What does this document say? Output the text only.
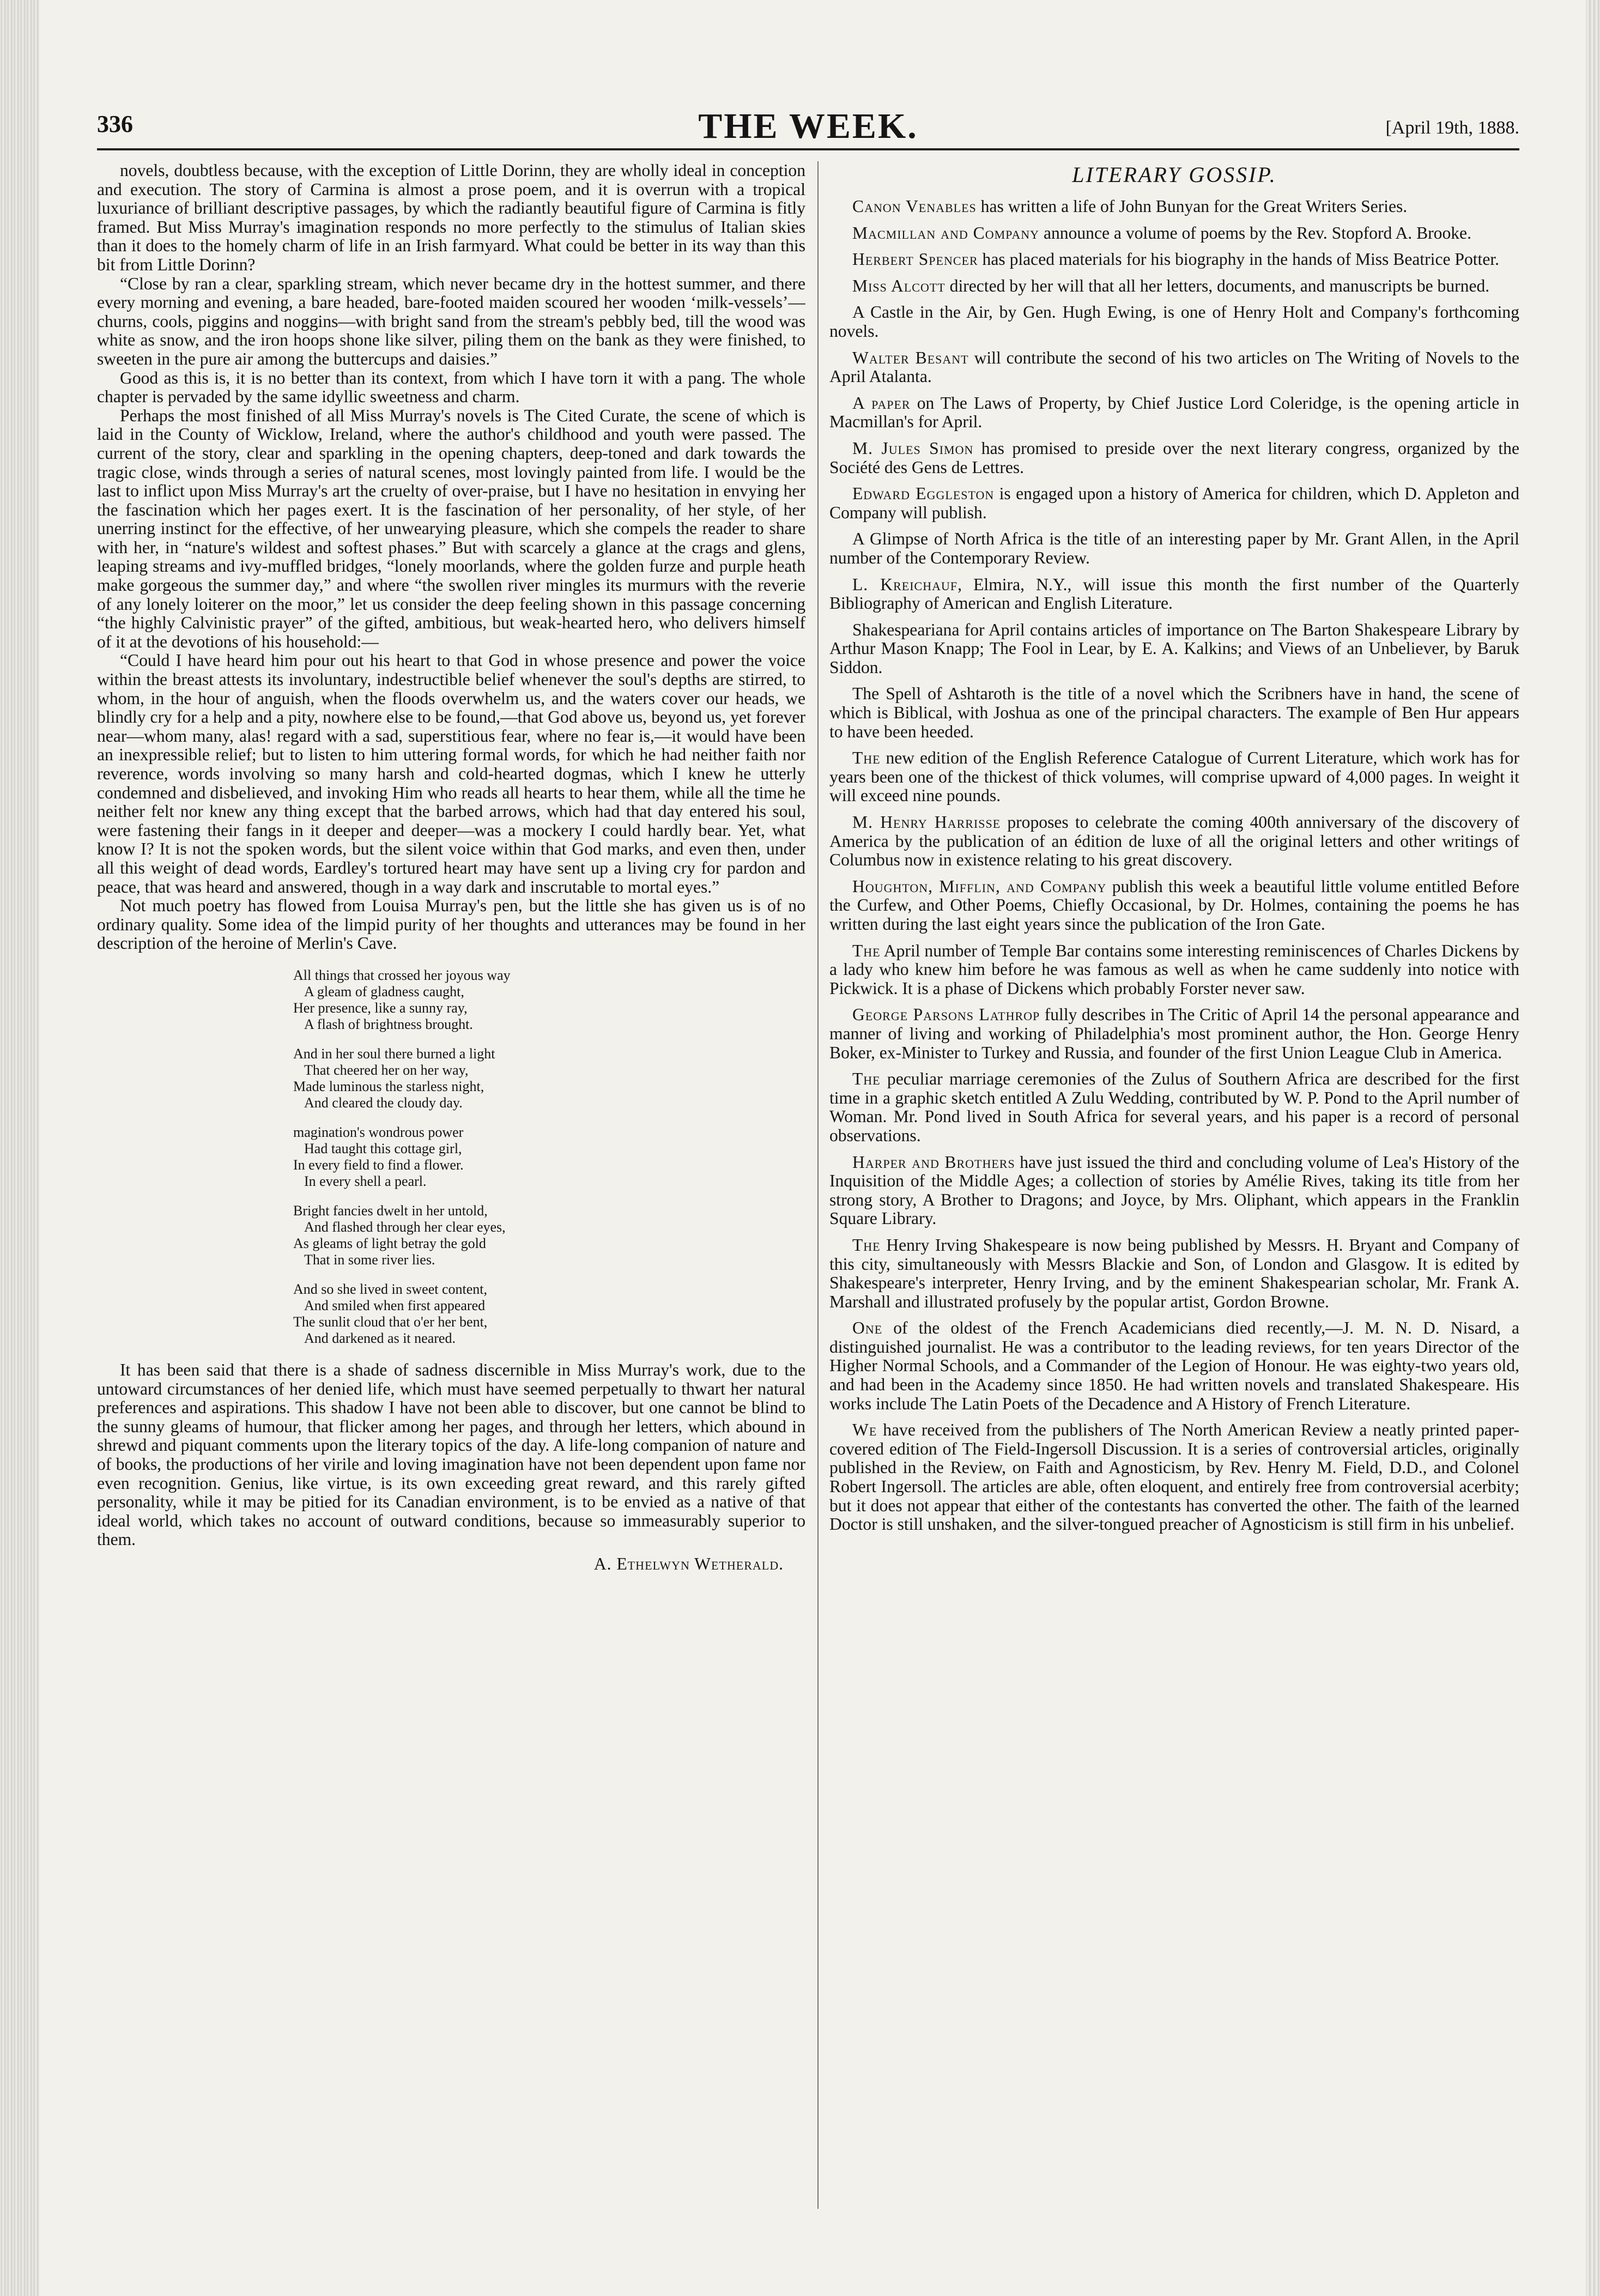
336	THE WEEK.	[April 19th, 1888.

novels, doubtless because, with the exception of Little Dorinn, they are wholly ideal in conception and execution. The story of Carmina is almost a prose poem, and it is overrun with a tropical luxuriance of brilliant descriptive passages, by which the radiantly beautiful figure of Carmina is fitly framed. But Miss Murray's imagination responds no more perfectly to the stimulus of Italian skies than it does to the homely charm of life in an Irish farmyard. What could be better in its way than this bit from Little Dorinn?

“Close by ran a clear, sparkling stream, which never became dry in the hottest summer, and there every morning and evening, a bare headed, bare-footed maiden scoured her wooden ‘milk-vessels’—churns, cools, piggins and noggins—with bright sand from the stream's pebbly bed, till the wood was white as snow, and the iron hoops shone like silver, piling them on the bank as they were finished, to sweeten in the pure air among the buttercups and daisies.”

Good as this is, it is no better than its context, from which I have torn it with a pang. The whole chapter is pervaded by the same idyllic sweetness and charm.

Perhaps the most finished of all Miss Murray's novels is The Cited Curate, the scene of which is laid in the County of Wicklow, Ireland, where the author's childhood and youth were passed. The current of the story, clear and sparkling in the opening chapters, deep-toned and dark towards the tragic close, winds through a series of natural scenes, most lovingly painted from life. I would be the last to inflict upon Miss Murray's art the cruelty of over-praise, but I have no hesitation in envying her the fascination which her pages exert. It is the fascination of her personality, of her style, of her unerring instinct for the effective, of her unwearying pleasure, which she compels the reader to share with her, in “nature's wildest and softest phases.” But with scarcely a glance at the crags and glens, leaping streams and ivy-muffled bridges, “lonely moorlands, where the golden furze and purple heath make gorgeous the summer day,” and where “the swollen river mingles its murmurs with the reverie of any lonely loiterer on the moor,” let us consider the deep feeling shown in this passage concerning “the highly Calvinistic prayer” of the gifted, ambitious, but weak-hearted hero, who delivers himself of it at the devotions of his household:—

“Could I have heard him pour out his heart to that God in whose presence and power the voice within the breast attests its involuntary, indestructible belief whenever the soul's depths are stirred, to whom, in the hour of anguish, when the floods overwhelm us, and the waters cover our heads, we blindly cry for a help and a pity, nowhere else to be found,—that God above us, beyond us, yet forever near—whom many, alas! regard with a sad, superstitious fear, where no fear is,—it would have been an inexpressible relief; but to listen to him uttering formal words, for which he had neither faith nor reverence, words involving so many harsh and cold-hearted dogmas, which I knew he utterly condemned and disbelieved, and invoking Him who reads all hearts to hear them, while all the time he neither felt nor knew any thing except that the barbed arrows, which had that day entered his soul, were fastening their fangs in it deeper and deeper—was a mockery I could hardly bear. Yet, what know I? It is not the spoken words, but the silent voice within that God marks, and even then, under all this weight of dead words, Eardley's tortured heart may have sent up a living cry for pardon and peace, that was heard and answered, though in a way dark and inscrutable to mortal eyes.”

Not much poetry has flowed from Louisa Murray's pen, but the little she has given us is of no ordinary quality. Some idea of the limpid purity of her thoughts and utterances may be found in her description of the heroine of Merlin's Cave.

All things that crossed her joyous way
A gleam of gladness caught,
Her presence, like a sunny ray,
A flash of brightness brought.
And in her soul there burned a light
That cheered her on her way,
Made luminous the starless night,
And cleared the cloudy day.
magination's wondrous power
Had taught this cottage girl,
In every field to find a flower.
In every shell a pearl.
Bright fancies dwelt in her untold,
And flashed through her clear eyes,
As gleams of light betray the gold
That in some river lies.
And so she lived in sweet content,
And smiled when first appeared
The sunlit cloud that o'er her bent,
And darkened as it neared.

It has been said that there is a shade of sadness discernible in Miss Murray's work, due to the untoward circumstances of her denied life, which must have seemed perpetually to thwart her natural preferences and aspirations. This shadow I have not been able to discover, but one cannot be blind to the sunny gleams of humour, that flicker among her pages, and through her letters, which abound in shrewd and piquant comments upon the literary topics of the day. A life-long companion of nature and of books, the productions of her virile and loving imagination have not been dependent upon fame nor even recognition. Genius, like virtue, is its own exceeding great reward, and this rarely gifted personality, while it may be pitied for its Canadian environment, is to be envied as a native of that ideal world, which takes no account of outward conditions, because so immeasurably superior to them.

A. Ethelwyn Wetherald.
LITERARY GOSSIP.

Canon Venables has written a life of John Bunyan for the Great Writers Series.

Macmillan and Company announce a volume of poems by the Rev. Stopford A. Brooke.

Herbert Spencer has placed materials for his biography in the hands of Miss Beatrice Potter.

Miss Alcott directed by her will that all her letters, documents, and manuscripts be burned.

A Castle in the Air, by Gen. Hugh Ewing, is one of Henry Holt and Company's forthcoming novels.

Walter Besant will contribute the second of his two articles on The Writing of Novels to the April Atalanta.

A paper on The Laws of Property, by Chief Justice Lord Coleridge, is the opening article in Macmillan's for April.

M. Jules Simon has promised to preside over the next literary congress, organized by the Société des Gens de Lettres.

Edward Eggleston is engaged upon a history of America for children, which D. Appleton and Company will publish.

A Glimpse of North Africa is the title of an interesting paper by Mr. Grant Allen, in the April number of the Contemporary Review.

L. Kreichauf, Elmira, N.Y., will issue this month the first number of the Quarterly Bibliography of American and English Literature.

Shakespeariana for April contains articles of importance on The Barton Shakespeare Library by Arthur Mason Knapp; The Fool in Lear, by E. A. Kalkins; and Views of an Unbeliever, by Baruk Siddon.

The Spell of Ashtaroth is the title of a novel which the Scribners have in hand, the scene of which is Biblical, with Joshua as one of the principal characters. The example of Ben Hur appears to have been heeded.

The new edition of the English Reference Catalogue of Current Literature, which work has for years been one of the thickest of thick volumes, will comprise upward of 4,000 pages. In weight it will exceed nine pounds.

M. Henry Harrisse proposes to celebrate the coming 400th anniversary of the discovery of America by the publication of an édition de luxe of all the original letters and other writings of Columbus now in existence relating to his great discovery.

Houghton, Mifflin, and Company publish this week a beautiful little volume entitled Before the Curfew, and Other Poems, Chiefly Occasional, by Dr. Holmes, containing the poems he has written during the last eight years since the publication of the Iron Gate.

The April number of Temple Bar contains some interesting reminiscences of Charles Dickens by a lady who knew him before he was famous as well as when he came suddenly into notice with Pickwick. It is a phase of Dickens which probably Forster never saw.

George Parsons Lathrop fully describes in The Critic of April 14 the personal appearance and manner of living and working of Philadelphia's most prominent author, the Hon. George Henry Boker, ex-Minister to Turkey and Russia, and founder of the first Union League Club in America.

The peculiar marriage ceremonies of the Zulus of Southern Africa are described for the first time in a graphic sketch entitled A Zulu Wedding, contributed by W. P. Pond to the April number of Woman. Mr. Pond lived in South Africa for several years, and his paper is a record of personal observations.

Harper and Brothers have just issued the third and concluding volume of Lea's History of the Inquisition of the Middle Ages; a collection of stories by Amélie Rives, taking its title from her strong story, A Brother to Dragons; and Joyce, by Mrs. Oliphant, which appears in the Franklin Square Library.

The Henry Irving Shakespeare is now being published by Messrs. H. Bryant and Company of this city, simultaneously with Messrs Blackie and Son, of London and Glasgow. It is edited by Shakespeare's interpreter, Henry Irving, and by the eminent Shakespearian scholar, Mr. Frank A. Marshall and illustrated profusely by the popular artist, Gordon Browne.

One of the oldest of the French Academicians died recently,—J. M. N. D. Nisard, a distinguished journalist. He was a contributor to the leading reviews, for ten years Director of the Higher Normal Schools, and a Commander of the Legion of Honour. He was eighty-two years old, and had been in the Academy since 1850. He had written novels and translated Shakespeare. His works include The Latin Poets of the Decadence and A History of French Literature.

We have received from the publishers of The North American Review a neatly printed paper-covered edition of The Field-Ingersoll Discussion. It is a series of controversial articles, originally published in the Review, on Faith and Agnosticism, by Rev. Henry M. Field, D.D., and Colonel Robert Ingersoll. The articles are able, often eloquent, and entirely free from controversial acerbity; but it does not appear that either of the contestants has converted the other. The faith of the learned Doctor is still unshaken, and the silver-tongued preacher of Agnosticism is still firm in his unbelief.
